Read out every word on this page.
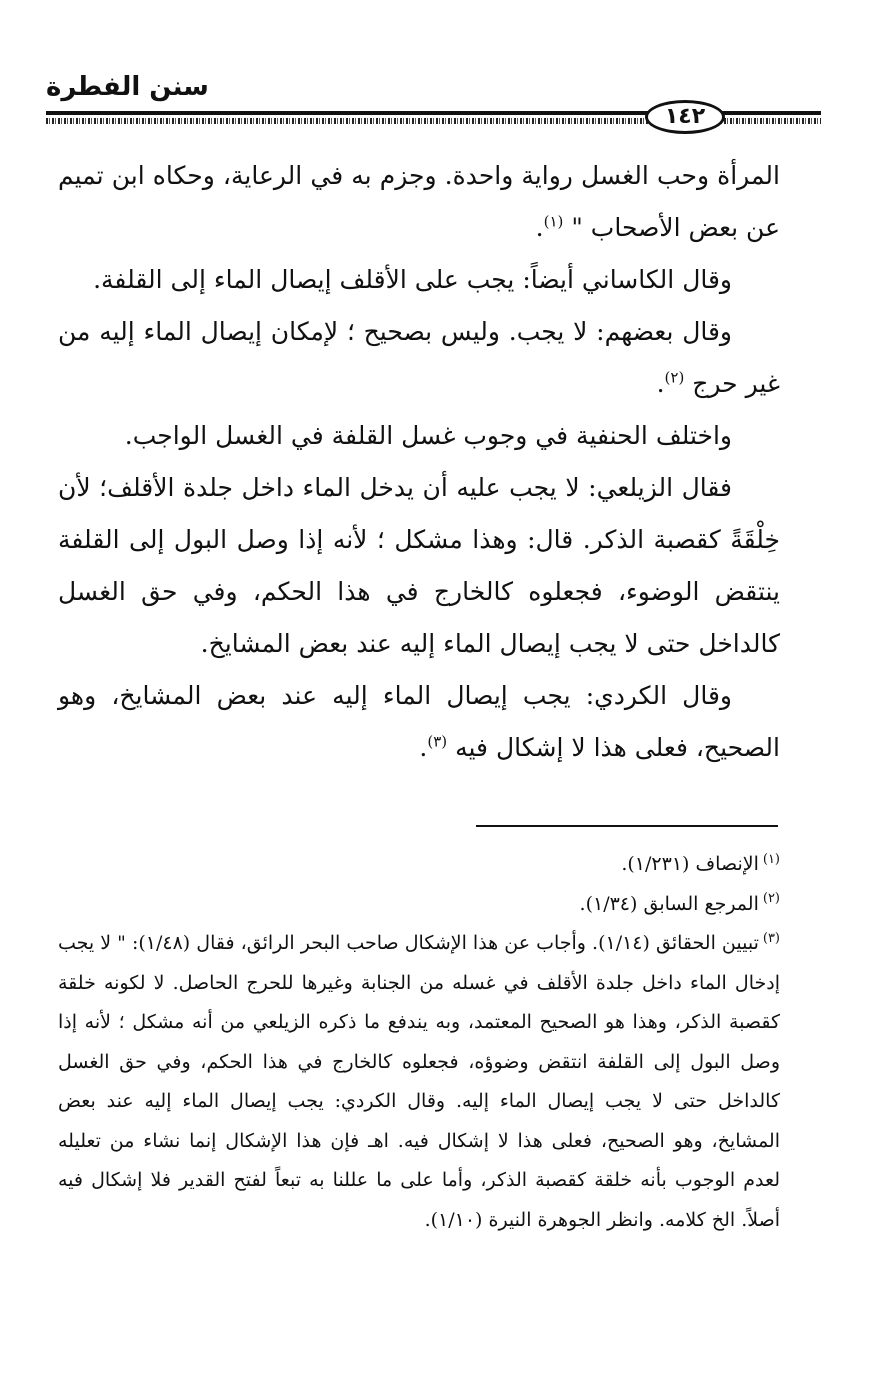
سنن الفطرة
١٤٢

المرأة وحب الغسل رواية واحدة. وجزم به في الرعاية، وحكاه ابن تميم عن بعض الأصحاب " $^{(١)}$.

وقال الكاساني أيضاً: يجب على الأقلف إيصال الماء إلى القلفة.

وقال بعضهم: لا يجب. وليس بصحيح ؛ لإمكان إيصال الماء إليه من غير حرج $^{(٢)}$.

واختلف الحنفية في وجوب غسل القلفة في الغسل الواجب.

فقال الزيلعي: لا يجب عليه أن يدخل الماء داخل جلدة الأقلف؛ لأن خِلْقَةً كقصبة الذكر. قال: وهذا مشكل ؛ لأنه إذا وصل البول إلى القلفة ينتقض الوضوء، فجعلوه كالخارج في هذا الحكم، وفي حق الغسل كالداخل حتى لا يجب إيصال الماء إليه عند بعض المشايخ.

وقال الكردي: يجب إيصال الماء إليه عند بعض المشايخ، وهو الصحيح، فعلى هذا لا إشكال فيه $^{(٣)}$.

$^{(١)}$الإنصاف (١/٢٣١).

$^{(٢)}$المرجع السابق (١/٣٤).

$^{(٣)}$تبيين الحقائق (١/١٤). وأجاب عن هذا الإشكال صاحب البحر الرائق، فقال (١/٤٨): " لا يجب إدخال الماء داخل جلدة الأقلف في غسله من الجنابة وغيرها للحرج الحاصل. لا لكونه خلقة كقصبة الذكر، وهذا هو الصحيح المعتمد، وبه يندفع ما ذكره الزيلعي من أنه مشكل ؛ لأنه إذا وصل البول إلى القلفة انتقض وضوؤه، فجعلوه كالخارج في هذا الحكم، وفي حق الغسل كالداخل حتى لا يجب إيصال الماء إليه. وقال الكردي: يجب إيصال الماء إليه عند بعض المشايخ، وهو الصحيح، فعلى هذا لا إشكال فيه. اهـ فإن هذا الإشكال إنما نشاء من تعليله لعدم الوجوب بأنه خلقة كقصبة الذكر، وأما على ما عللنا به تبعاً لفتح القدير فلا إشكال فيه أصلاً. الخ كلامه. وانظر الجوهرة النيرة (١/١٠).
